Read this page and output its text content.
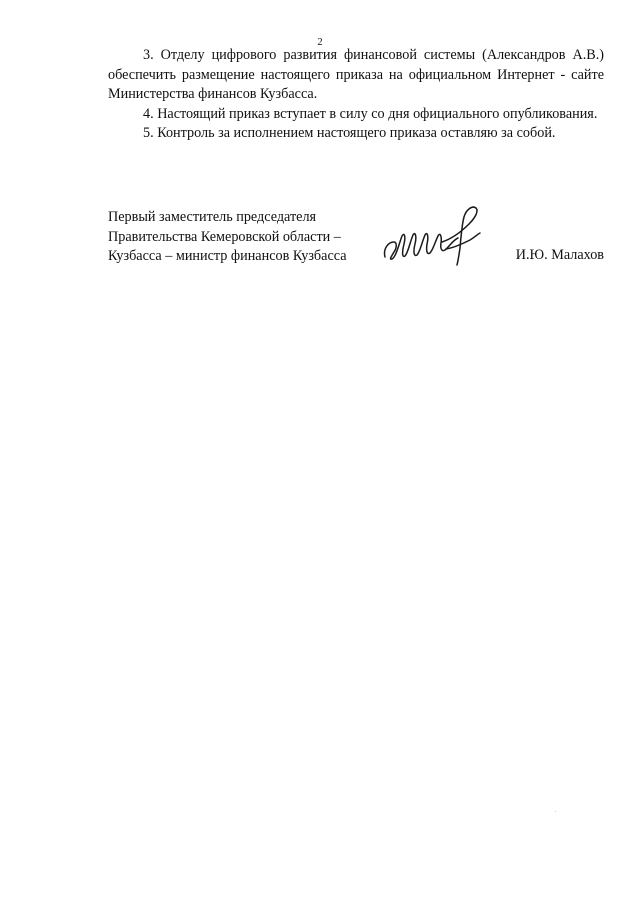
2

3. Отделу цифрового развития финансовой системы (Александров А.В.) обеспечить размещение настоящего приказа на официальном Интернет - сайте Министерства финансов Кузбасса.

4. Настоящий приказ вступает в силу со дня официального опубликования.

5. Контроль за исполнением настоящего приказа оставляю за собой.

Первый заместитель председателя
Правительства Кемеровской области –
Кузбасса – министр финансов Кузбасса	И.Ю. Малахов
